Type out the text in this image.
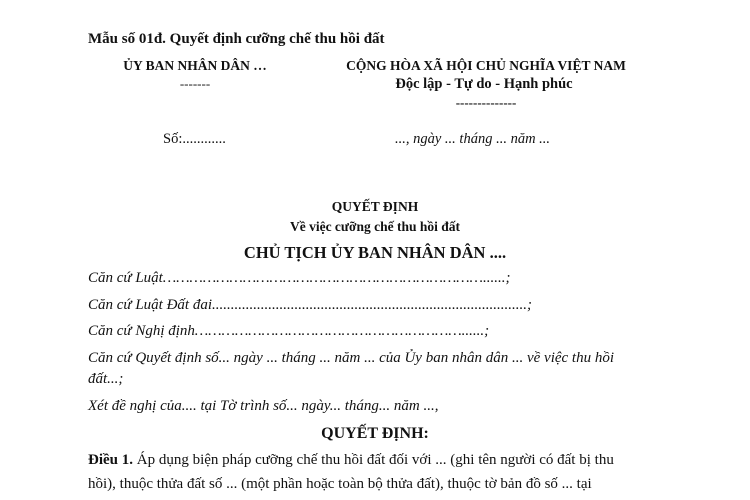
Mẫu số 01đ. Quyết định cưỡng chế thu hồi đất
ỦY BAN NHÂN DÂN …
-------
CỘNG HÒA XÃ HỘI CHỦ NGHĨA VIỆT NAM
Độc lập - Tự do - Hạnh phúc
--------------
Số:............	..., ngày ... tháng ... năm ...
QUYẾT ĐỊNH
Về việc cưỡng chế thu hồi đất
CHỦ TỊCH ỦY BAN NHÂN DÂN ....
Căn cứ Luật………………………………………………………………......;
Căn cứ Luật Đất đai....................................................................................;
Căn cứ Nghị định……………………………………………………......;
Căn cứ Quyết định số... ngày ... tháng ... năm ... của Ủy ban nhân dân ... về việc thu hồi
đất...;
Xét đề nghị của.... tại Tờ trình số... ngày... tháng... năm ...,
QUYẾT ĐỊNH:
Điều 1. Áp dụng biện pháp cưỡng chế thu hồi đất đối với ... (ghi tên người có đất bị thu
hồi), thuộc thửa đất số ... (một phần hoặc toàn bộ thửa đất), thuộc tờ bản đồ số ... tại
